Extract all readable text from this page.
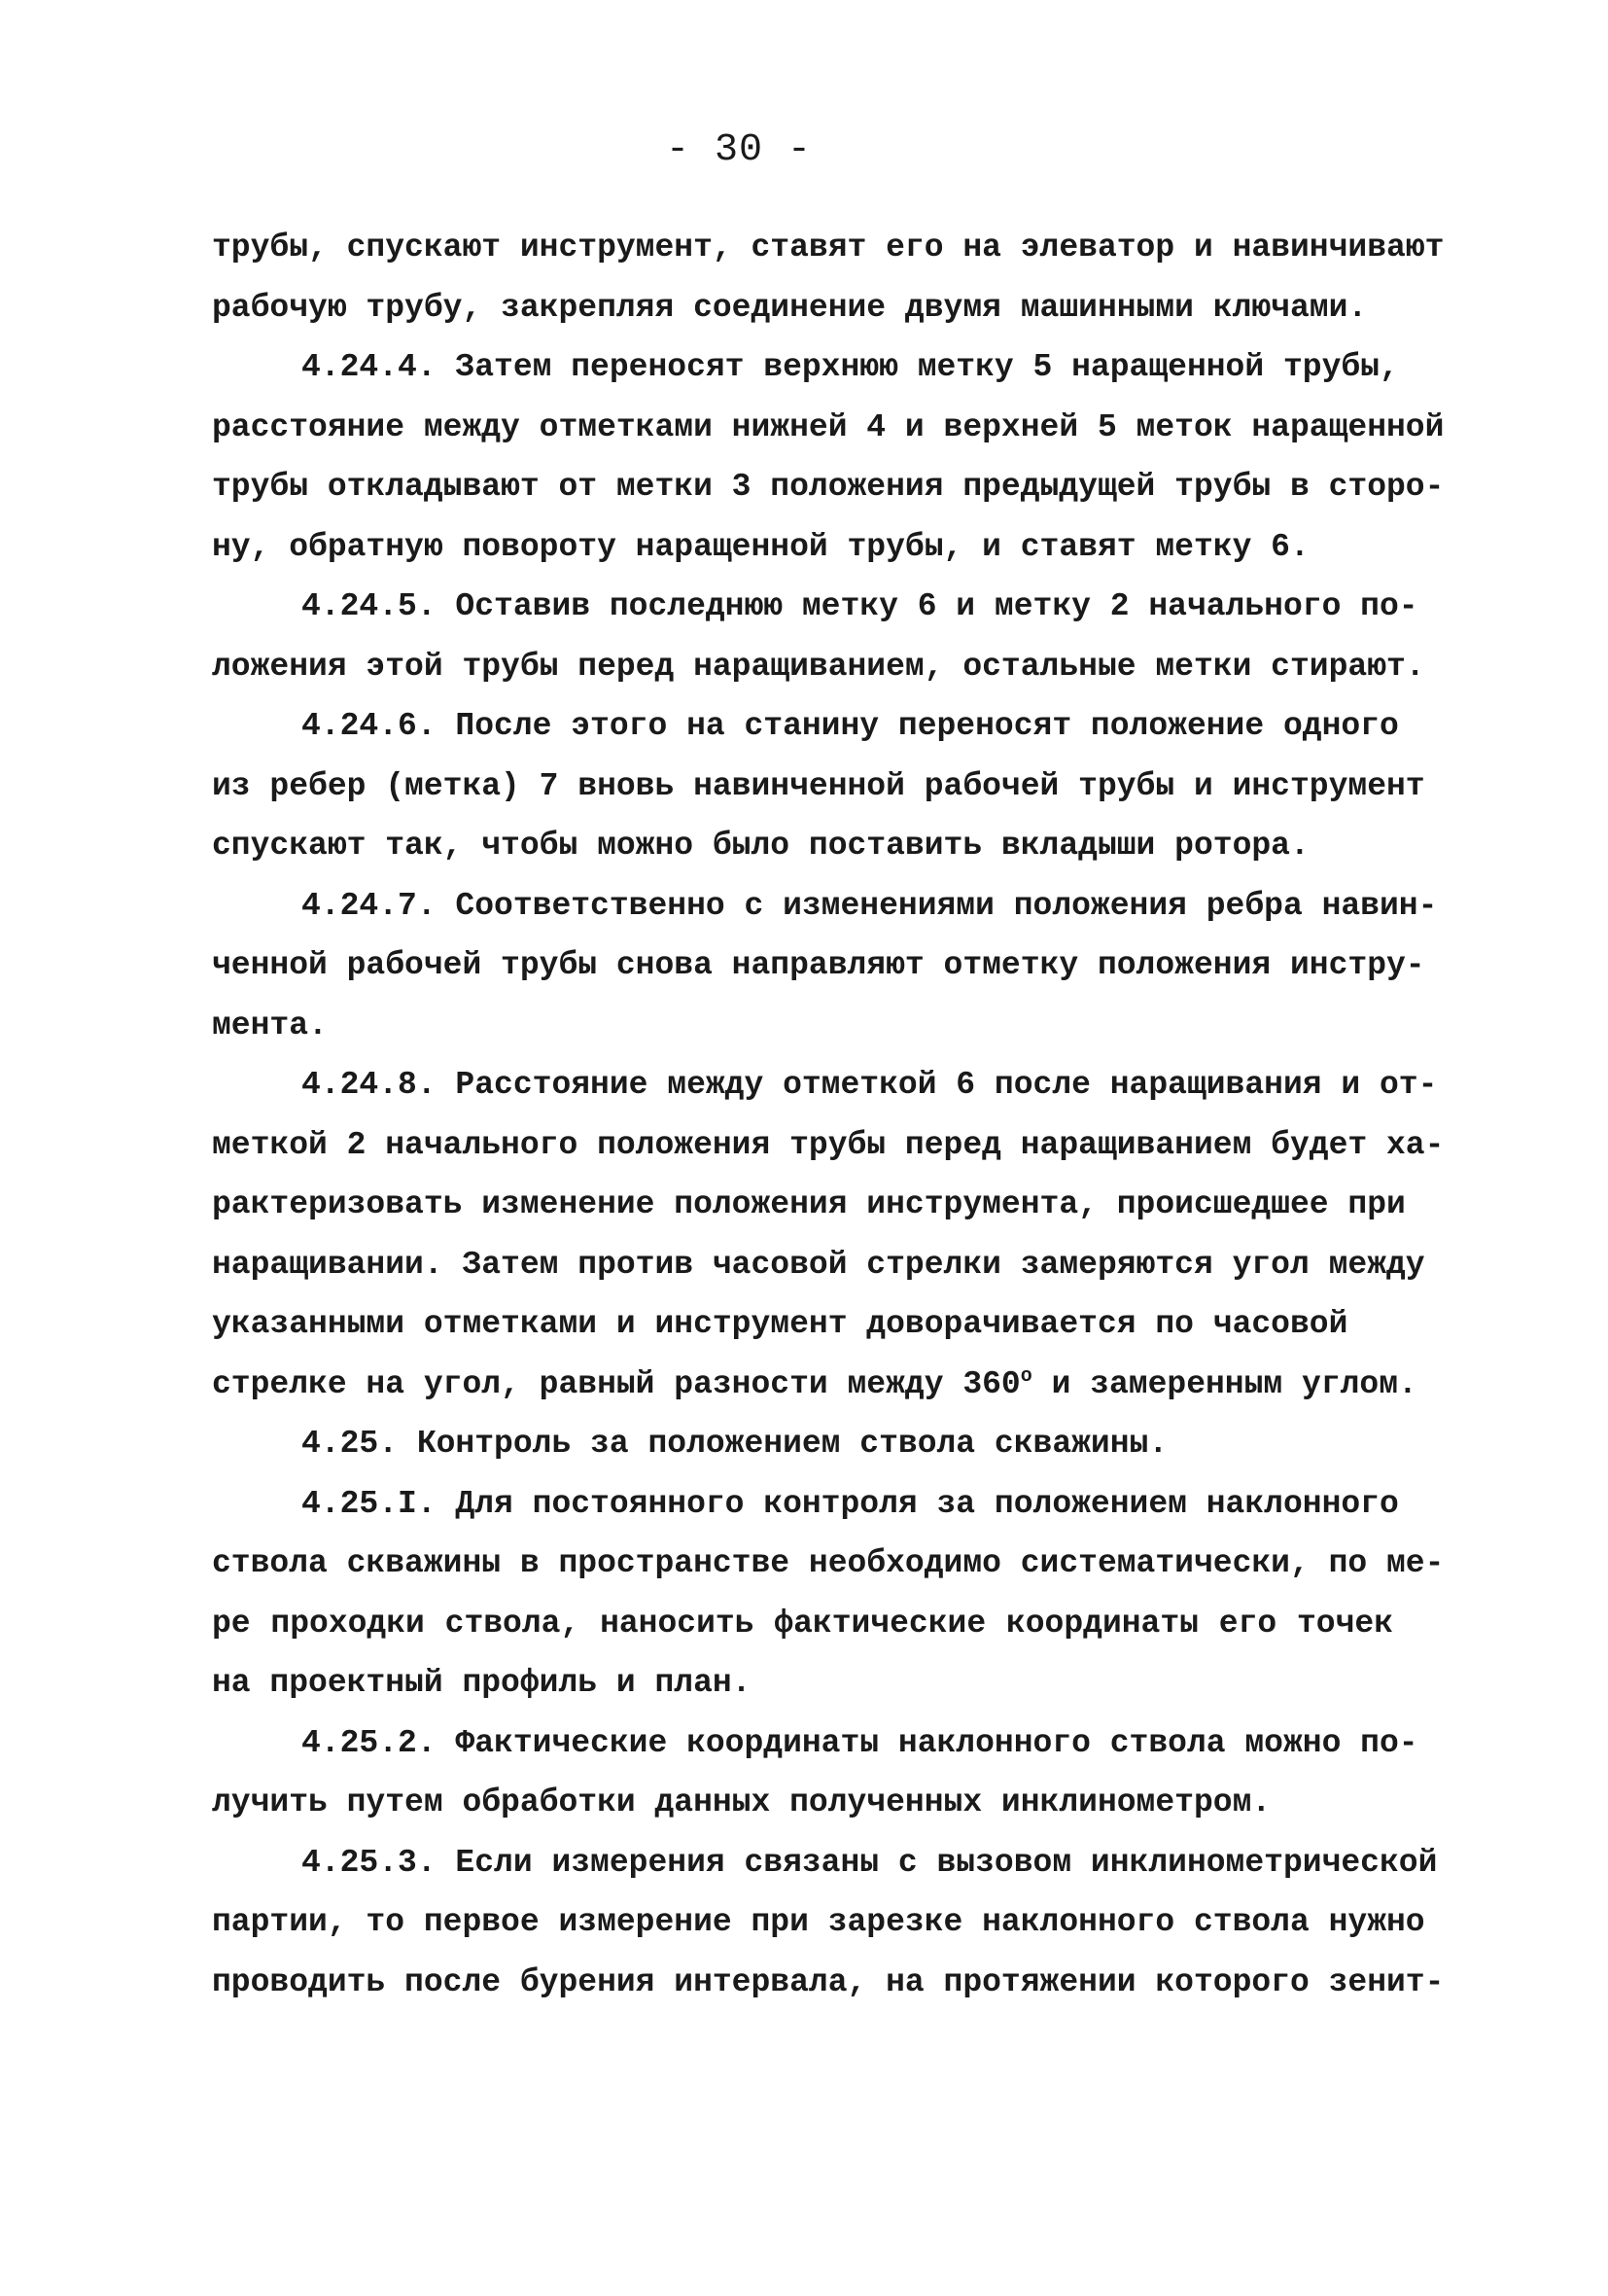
- 30 -
трубы, спускают инструмент, ставят его на элеватор и навинчивают
рабочую трубу, закрепляя соединение двумя машинными ключами.
4.24.4. Затем переносят верхнюю метку 5 наращенной трубы,
расстояние между отметками нижней 4 и верхней 5 меток наращенной
трубы откладывают от метки 3 положения предыдущей трубы в сторо-
ну, обратную повороту наращенной трубы, и ставят метку 6.
4.24.5. Оставив последнюю метку 6 и метку 2 начального по-
ложения этой трубы перед наращиванием, остальные метки стирают.
4.24.6. После этого на станину переносят положение одного
из ребер (метка) 7 вновь навинченной рабочей трубы и инструмент
спускают так, чтобы можно было поставить вкладыши ротора.
4.24.7. Соответственно с изменениями положения ребра навин-
ченной рабочей трубы снова направляют отметку положения инстру-
мента.
4.24.8. Расстояние между отметкой 6 после наращивания и от-
меткой 2 начального положения трубы перед наращиванием будет ха-
рактеризовать изменение положения инструмента, происшедшее при
наращивании. Затем против часовой стрелки замеряются угол между
указанными отметками и инструмент доворачивается по часовой
стрелке на угол, равный разности между $360^о$ и замеренным углом.
4.25. Контроль за положением ствола скважины.
4.25.I. Для постоянного контроля за положением наклонного
ствола скважины в пространстве необходимо систематически, по ме-
ре проходки ствола, наносить фактические координаты его точек
на проектный профиль и план.
4.25.2. Фактические координаты наклонного ствола можно по-
лучить путем обработки данных полученных инклинометром.
4.25.3. Если измерения связаны с вызовом инклинометрической
партии, то первое измерение при зарезке наклонного ствола нужно
проводить после бурения интервала, на протяжении которого зенит-
